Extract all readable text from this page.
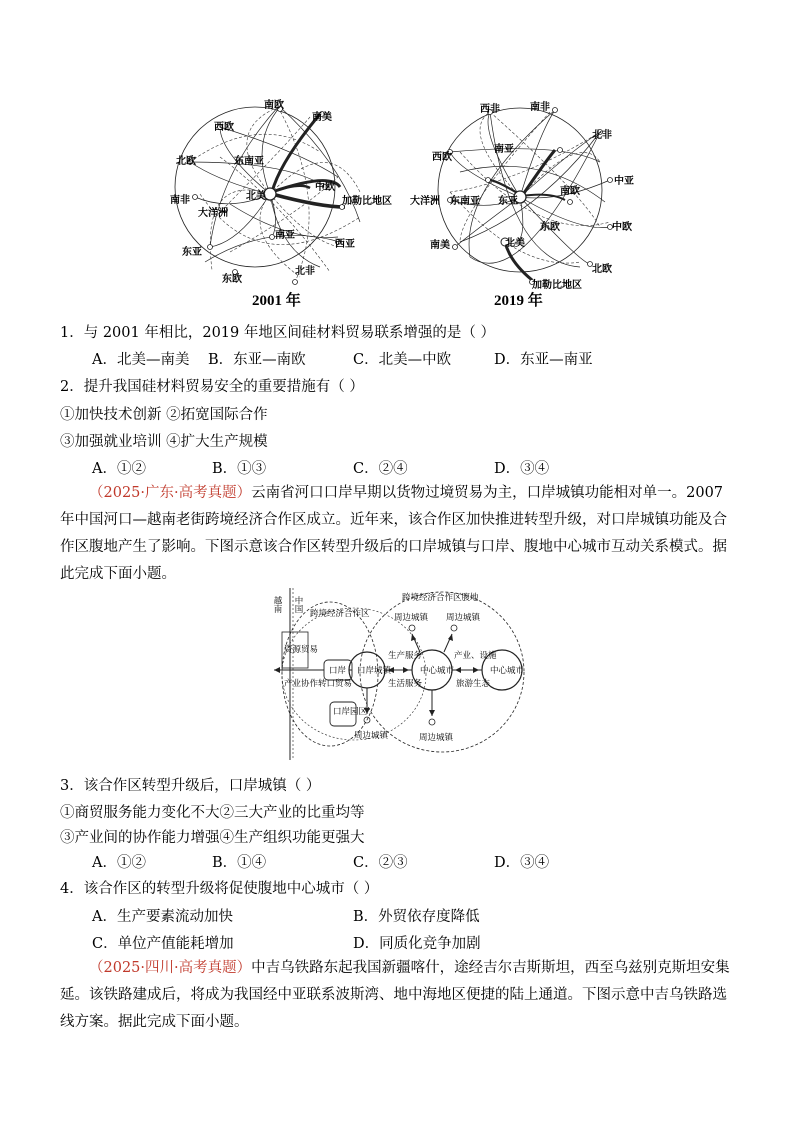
南欧
南美
西欧
东南亚
北欧
中欧
北美
南非	加勒比地区
大洋洲
南亚
东亚
西亚
东欧
北非
2001 年
西非	南非
北非
西欧
南亚
中亚
大洋洲 东南亚 东亚
南欧
中欧
东欧
北欧
南美	北美
加勒比地区
2019 年
1．与 2001 年相比，2019 年地区间硅材料贸易联系增强的是（ ）
A．北美—南美 B．东亚—南欧	C．北美—中欧	D．东亚—南亚
2．提升我国硅材料贸易安全的重要措施有（ ）
①加快技术创新 ②拓宽国际合作
③加强就业培训 ④扩大生产规模
A．①②	B．①③	C．②④	D．③④
（2025·广东·高考真题）云南省河口口岸早期以货物过境贸易为主，口岸城镇功能相对单一。2007
年中国河口—越南老街跨境经济合作区成立。近年来，该合作区加快推进转型升级，对口岸城镇功能及合
作区腹地产生了影响。下图示意该合作区转型升级后的口岸城镇与口岸、腹地中心城市互动关系模式。据
此完成下面小题。
越南 中国
跨境经济合作区
跨境经济合作区腹地
资源贸易
产业协作转口贸易
口岸
口岸园区
口岸城镇
生产服务
生活服务
中心城市
产业、设施
旅游生态
中心城市
周边城镇 周边城镇
周边城镇	周边城镇
3．该合作区转型升级后，口岸城镇（ ）
①商贸服务能力变化不大②三大产业的比重均等
③产业间的协作能力增强④生产组织功能更强大
A．①②	B．①④	C．②③	D．③④
4．该合作区的转型升级将促使腹地中心城市（ ）
A．生产要素流动加快	B．外贸依存度降低
C．单位产值能耗增加	D．同质化竞争加剧
（2025·四川·高考真题）中吉乌铁路东起我国新疆喀什，途经吉尔吉斯斯坦，西至乌兹别克斯坦安集
延。该铁路建成后，将成为我国经中亚联系波斯湾、地中海地区便捷的陆上通道。下图示意中吉乌铁路选
线方案。据此完成下面小题。
